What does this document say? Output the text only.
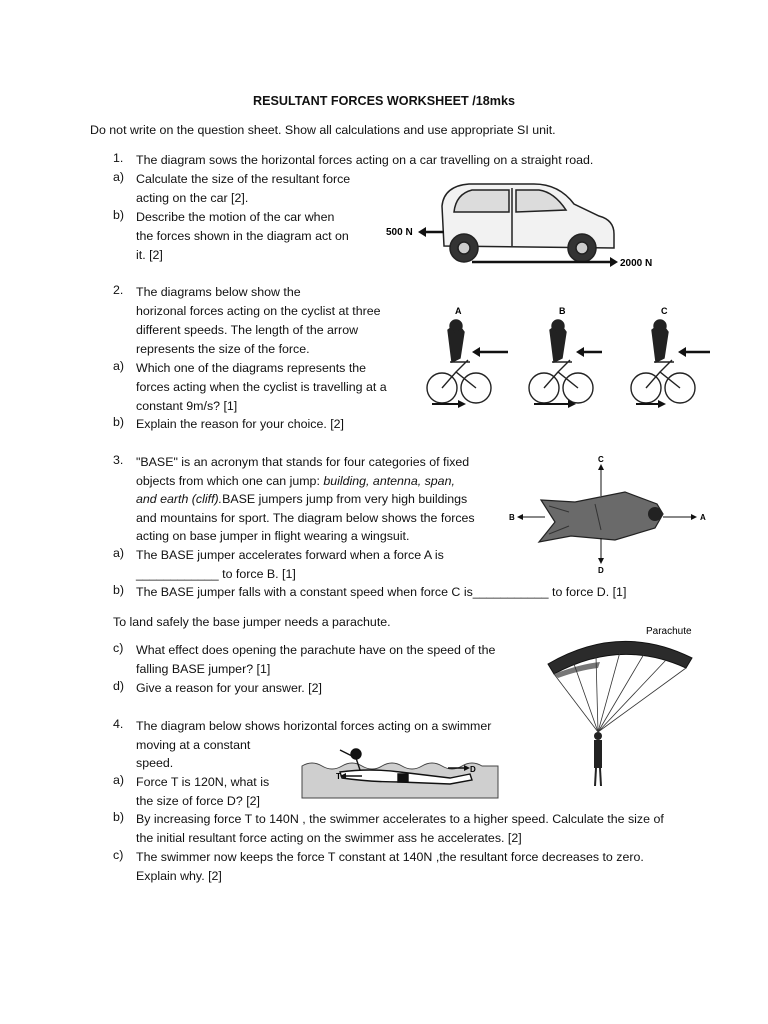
RESULTANT FORCES WORKSHEET /18mks
Do not write on the question sheet. Show all calculations and use appropriate SI unit.
1. The diagram sows the horizontal forces acting on a car travelling on a straight road.
a) Calculate the size of the resultant force
acting on the car [2].
b) Describe the motion of the car when
the forces shown in the diagram act on
it. [2]
500 N
2000 N
2. The diagrams below show the
horizonal forces acting on the cyclist at three
different speeds. The length of the arrow
represents the size of the force.
a) Which one of the diagrams represents the
forces acting when the cyclist is travelling at a
constant 9m/s? [1]
b) Explain the reason for your choice. [2]
A	B	C
3. "BASE" is an acronym that stands for four categories of fixed
objects from which one can jump: building, antenna, span,
and earth (cliff).BASE jumpers jump from very high buildings
and mountains for sport. The diagram below shows the forces
acting on base jumper in flight wearing a wingsuit.
a) The BASE jumper accelerates forward when a force A is
____________ to force B. [1]
b) The BASE jumper falls with a constant speed when force C is___________ to force D. [1]
To land safely the base jumper needs a parachute.
c) What effect does opening the parachute have on the speed of the
falling BASE jumper? [1]
d) Give a reason for your answer. [2]
C
B	A
D
Parachute
4. The diagram below shows horizontal forces acting on a swimmer
moving at a constant
speed.
a) Force T is 120N, what is
the size of force D? [2]
b) By increasing force T to 140N , the swimmer accelerates to a higher speed. Calculate the size of
the initial resultant force acting on the swimmer ass he accelerates. [2]
c) The swimmer now keeps the force T constant at 140N ,the resultant force decreases to zero.
Explain why. [2]
T
D
